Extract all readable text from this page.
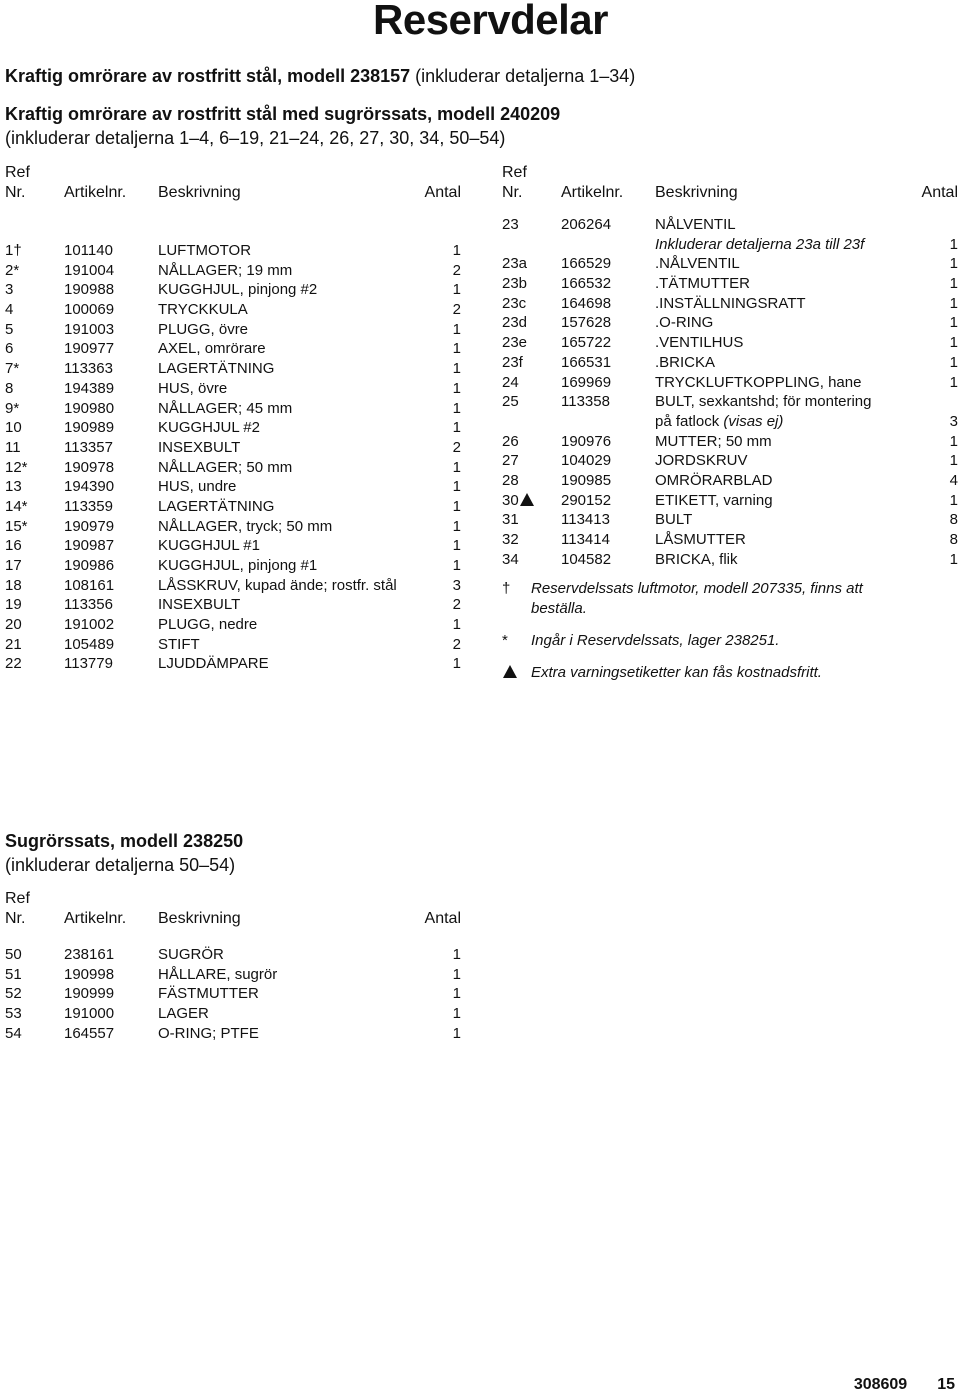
Reservdelar
Kraftig omrörare av rostfritt stål, modell 238157 (inkluderar detaljerna 1–34)
Kraftig omrörare av rostfritt stål med sugrörssats, modell 240209
(inkluderar detaljerna 1–4, 6–19, 21–24, 26, 27, 30, 34, 50–54)
Ref
Nr. Artikelnr. Beskrivning	Antal
1†	101140	LUFTMOTOR	1
2*	191004	NÅLLAGER; 19 mm	2
3	190988	KUGGHJUL, pinjong #2	1
4	100069	TRYCKKULA	2
5	191003	PLUGG, övre	1
6	190977	AXEL, omrörare	1
7*	113363	LAGERTÄTNING	1
8	194389	HUS, övre	1
9*	190980	NÅLLAGER; 45 mm	1
10	190989	KUGGHJUL #2	1
11	113357	INSEXBULT	2
12* 190978	NÅLLAGER; 50 mm	1
13	194390	HUS, undre	1
14* 113359	LAGERTÄTNING	1
15* 190979	NÅLLAGER, tryck; 50 mm	1
16	190987	KUGGHJUL #1	1
17	190986	KUGGHJUL, pinjong #1	1
18	108161	LÅSSKRUV, kupad ände; rostfr. stål	3
19	113356	INSEXBULT	2
20	191002	PLUGG, nedre	1
21	105489	STIFT	2
22	113779	LJUDDÄMPARE	1
Ref
Nr. Artikelnr. Beskrivning	Antal
23	206264	NÅLVENTIL
Inkluderar detaljerna 23a till 23f	1
23a 166529	.NÅLVENTIL	1
23b 166532	.TÄTMUTTER	1
23c 164698	.INSTÄLLNINGSRATT	1
23d 157628	.O-RING	1
23e 165722	.VENTILHUS	1
23f	166531	.BRICKA	1
24	169969	TRYCKLUFTKOPPLING, hane	1
25	113358	BULT, sexkantshd; för montering
på fatlock (visas ej)	3
26	190976	MUTTER; 50 mm	1
27	104029	JORDSKRUV	1
28	190985	OMRÖRARBLAD	4
30	290152	ETIKETT, varning	1
31	113413	BULT	8
32	113414	LÅSMUTTER	8
34	104582	BRICKA, flik	1
† Reservdelssats luftmotor, modell 207335, finns att beställa.
* Ingår i Reservdelssats, lager 238251.
Extra varningsetiketter kan fås kostnadsfritt.
Sugrörssats, modell 238250
(inkluderar detaljerna 50–54)
Ref
Nr. Artikelnr. Beskrivning	Antal
50	238161	SUGRÖR	1
51	190998	HÅLLARE, sugrör	1
52	190999	FÄSTMUTTER	1
53	191000	LAGER	1
54	164557	O-RING; PTFE	1
308609 15
